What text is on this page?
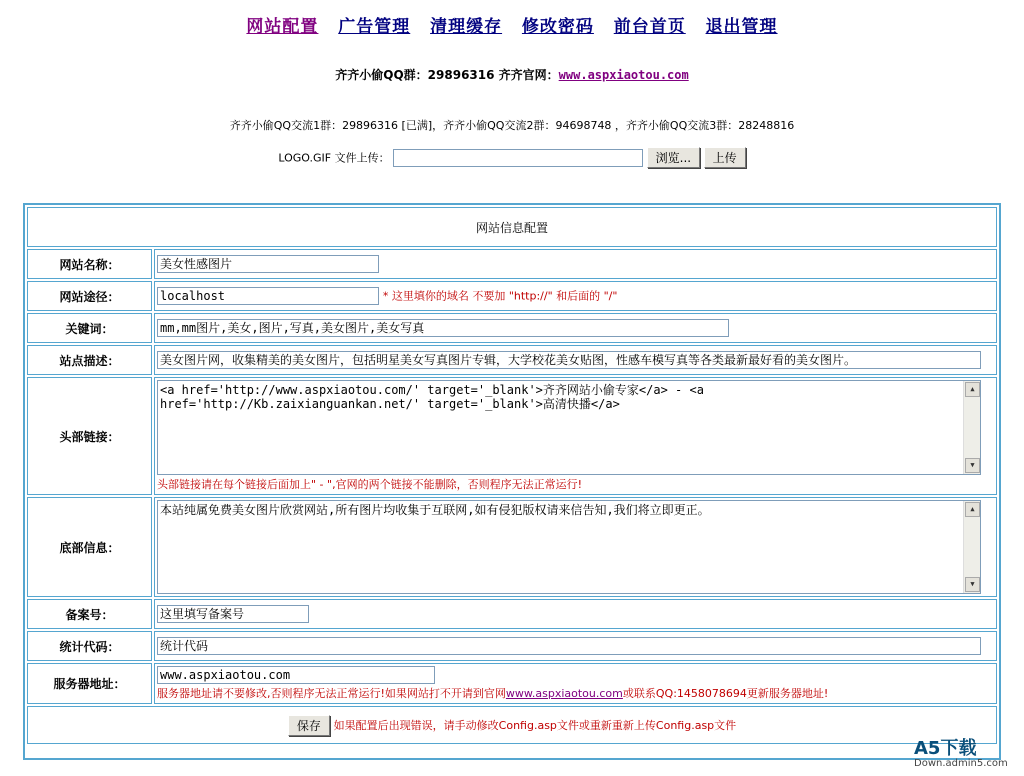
网站配置 广告管理 清理缓存 修改密码 前台首页 退出管理
齐齐小偷QQ群：29896316 齐齐官网：www.aspxiaotou.com
齐齐小偷QQ交流1群：29896316 [已满]，齐齐小偷QQ交流2群：94698748 ，齐齐小偷QQ交流3群：28248816
LOGO.GIF 文件上传：	浏览... 上传
网站信息配置	
网站名称：	美女性感图片
网站途径：	localhost * 这里填你的域名 不要加 "http://" 和后面的 "/"
关键词：	mm,mm图片,美女,图片,写真,美女图片,美女写真
站点描述：	美女图片网，收集精美的美女图片，包括明星美女写真图片专辑，大学校花美女贴图，性感车模写真等各类最新最好看的美女图片。
头部链接：	<a href='http://www.aspxiaotou.com/' target='_blank'>齐齐网站小偷专家</a> - <a href='http://Kb.zaixianguankan.net/' target='_blank'>高清快播</a>
▲
▼
头部链接请在每个链接后面加上" - ",官网的两个链接不能删除，否则程序无法正常运行!

底部信息：	本站纯属免费美女图片欣赏网站,所有图片均收集于互联网,如有侵犯版权请来信告知,我们将立即更正。 ▲
▼

备案号：	这里填写备案号
统计代码：	统计代码
服务器地址：	www.aspxiaotou.com
服务器地址请不要修改,否则程序无法正常运行!如果网站打不开请到官网www.aspxiaotou.com或联系QQ:1458078694更新服务器地址!

保存 如果配置后出现错误，请手动修改Config.asp文件或重新重新上传Config.asp文件	
A5下载
Down.admin5.com
